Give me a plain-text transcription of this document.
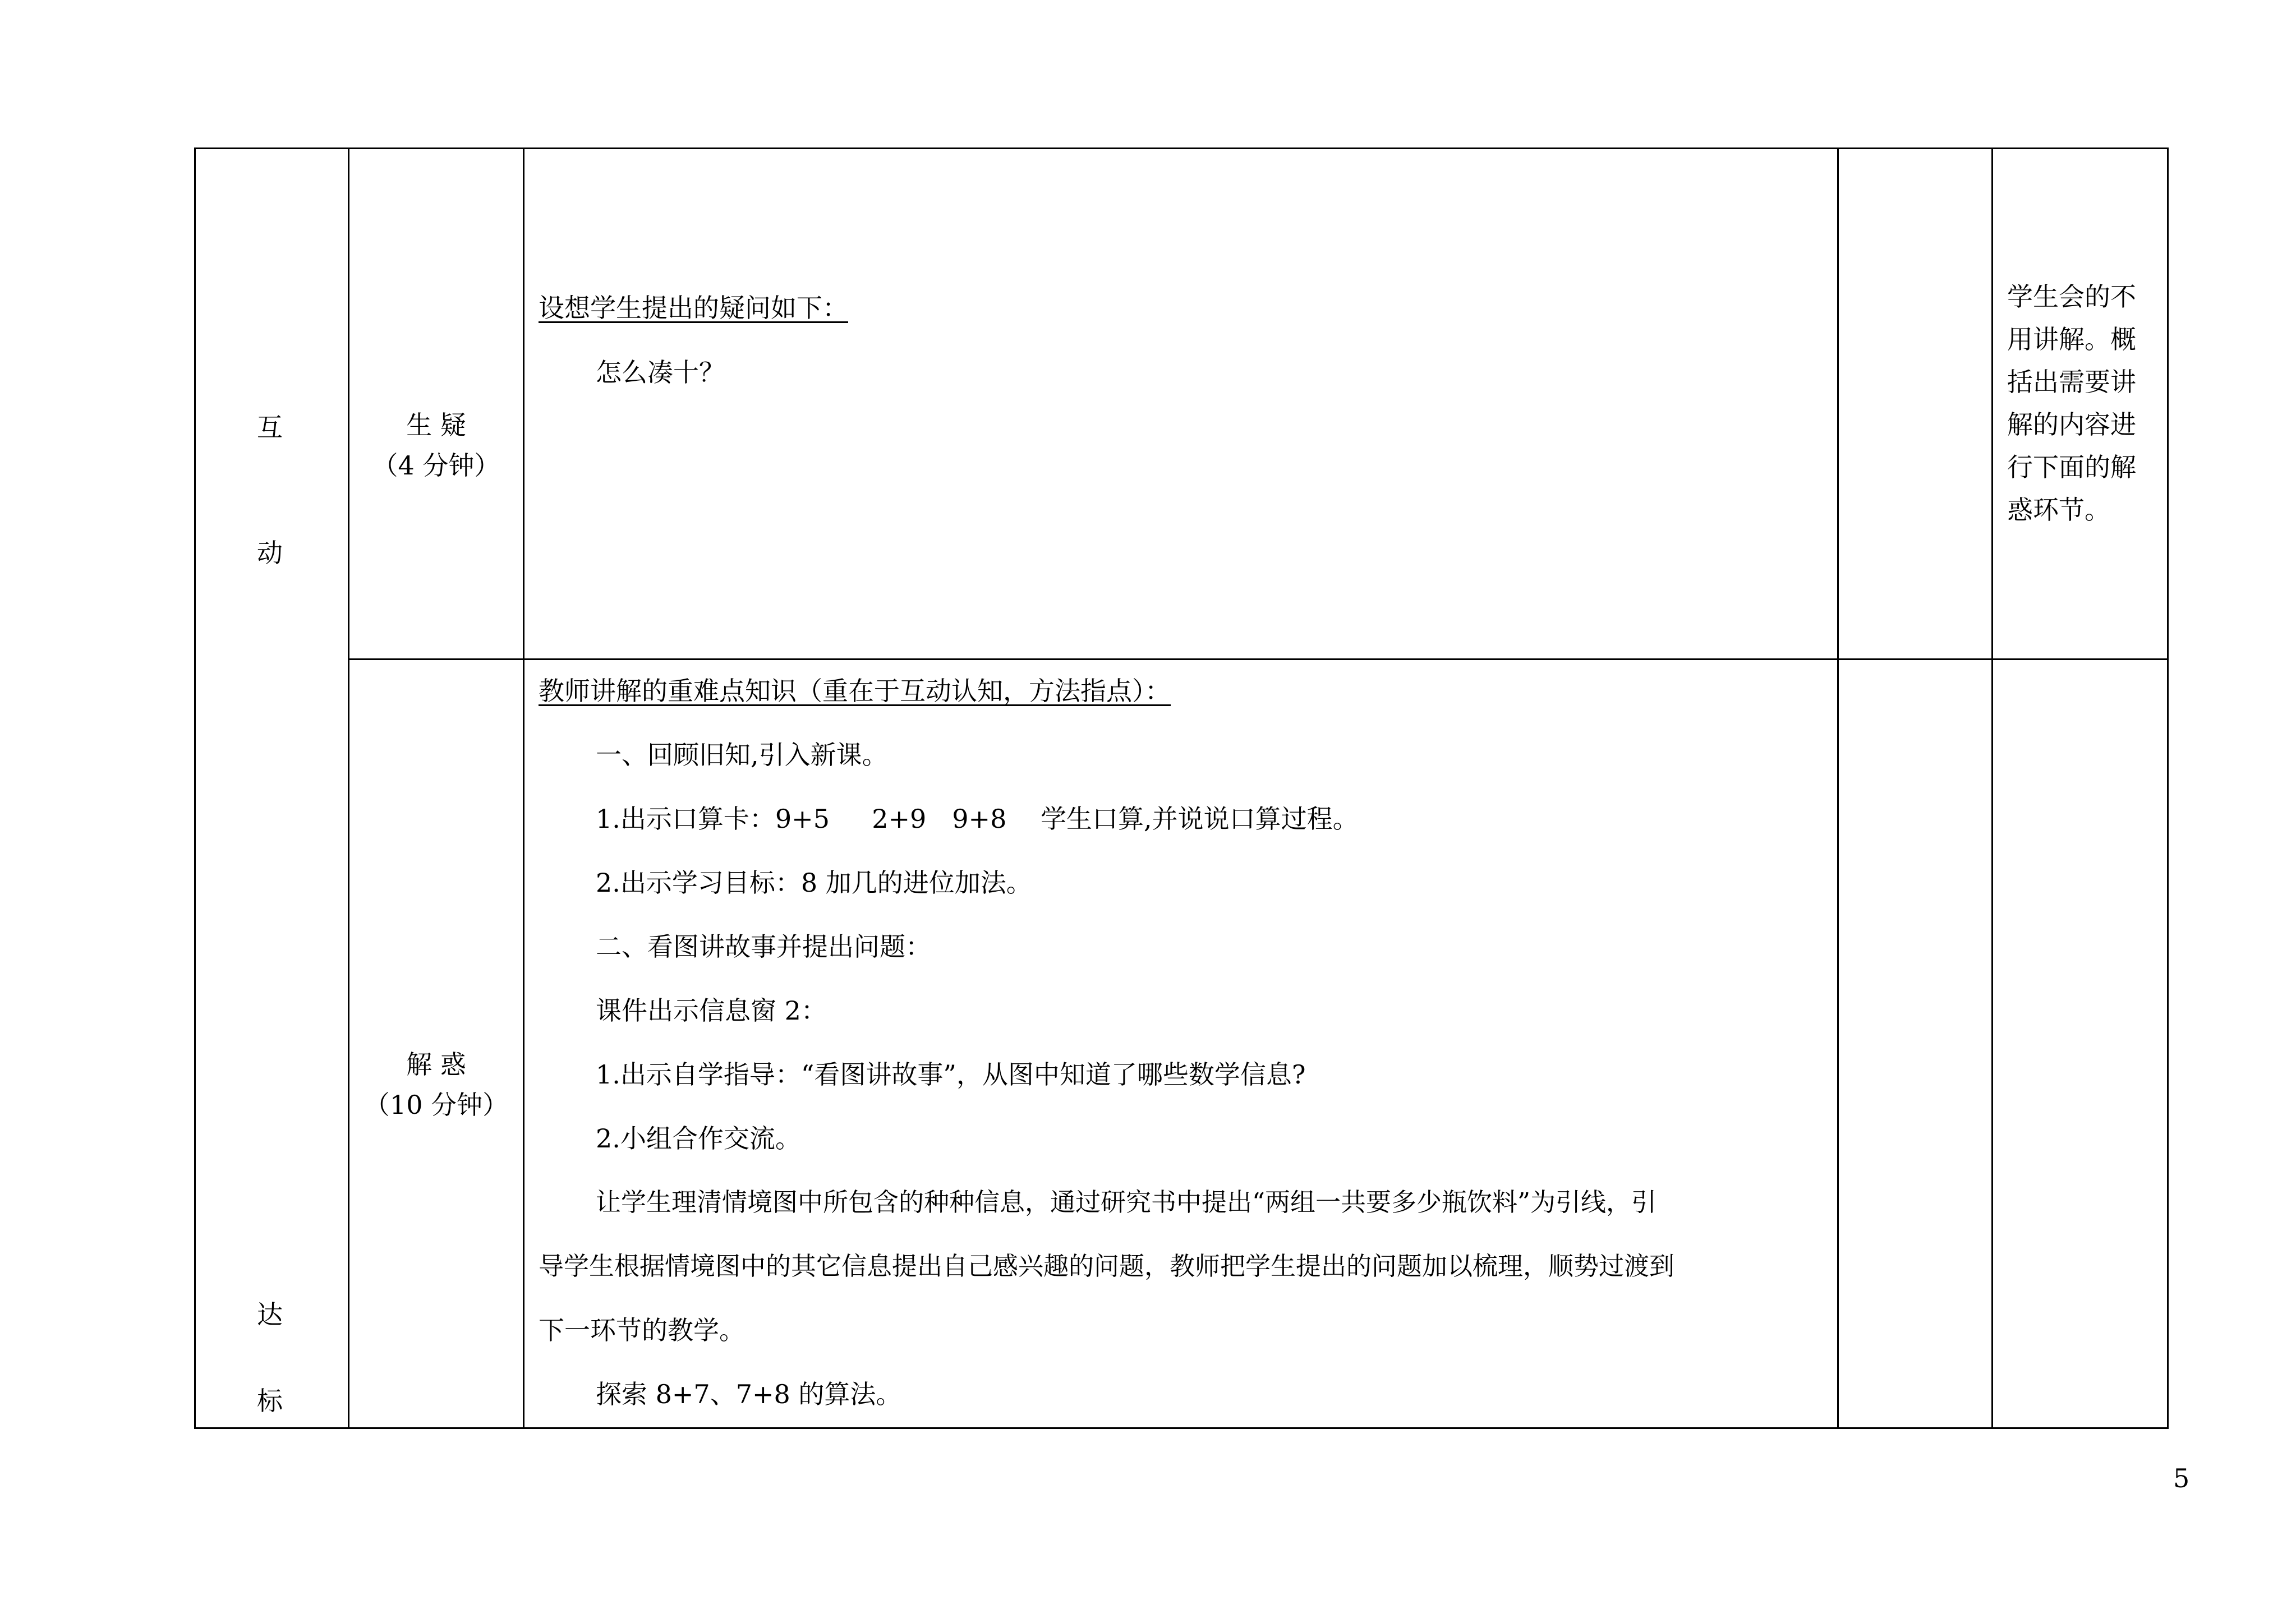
互
动
达
标
生 疑
（4 分钟）
设想学生提出的疑问如下：
怎么凑十？
学生会的不
用讲解。概
括出需要讲
解的内容进
行下面的解
惑环节。
解 惑
（10 分钟）
教师讲解的重难点知识（重在于互动认知，方法指点）：
一、回顾旧知,引入新课。
1.出示口算卡：9+5 　 2+9　9+8　 学生口算,并说说口算过程。
2.出示学习目标：8 加几的进位加法。
二、看图讲故事并提出问题：
课件出示信息窗 2：
1.出示自学指导：“看图讲故事”，从图中知道了哪些数学信息?
2.小组合作交流。
让学生理清情境图中所包含的种种信息，通过研究书中提出“两组一共要多少瓶饮料”为引线，引
导学生根据情境图中的其它信息提出自己感兴趣的问题，教师把学生提出的问题加以梳理，顺势过渡到
下一环节的教学。
探索 8+7、7+8 的算法。
5
